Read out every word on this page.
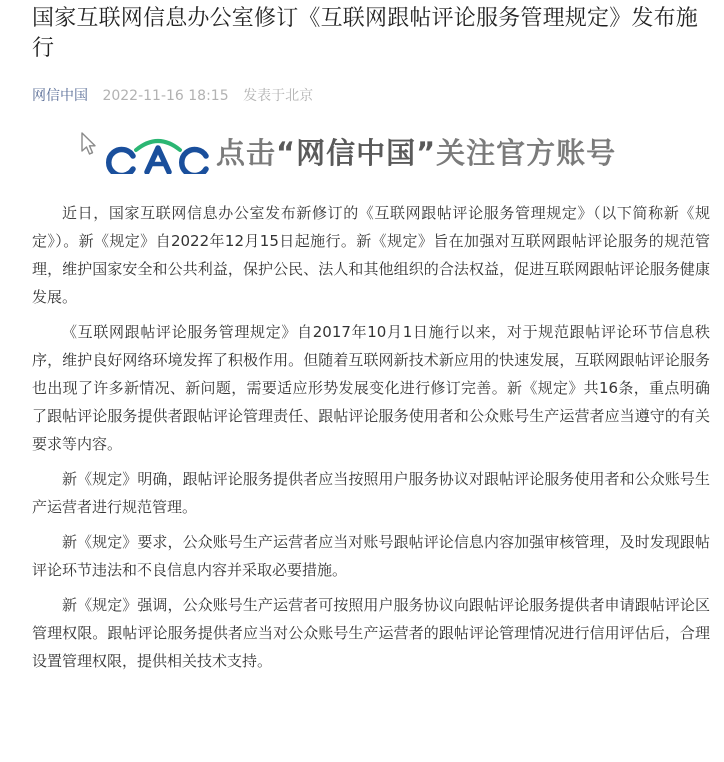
国家互联网信息办公室修订《互联网跟帖评论服务管理规定》发布施行
网信中国 2022-11-16 18:15 发表于北京
点击“网信中国”关注官方账号

近日，国家互联网信息办公室发布新修订的《互联网跟帖评论服务管理规定》（以下简称新《规定》）。新《规定》自2022年12月15日起施行。新《规定》旨在加强对互联网跟帖评论服务的规范管理，维护国家安全和公共利益，保护公民、法人和其他组织的合法权益，促进互联网跟帖评论服务健康发展。

《互联网跟帖评论服务管理规定》自2017年10月1日施行以来，对于规范跟帖评论环节信息秩序，维护良好网络环境发挥了积极作用。但随着互联网新技术新应用的快速发展，互联网跟帖评论服务也出现了许多新情况、新问题，需要适应形势发展变化进行修订完善。新《规定》共16条，重点明确了跟帖评论服务提供者跟帖评论管理责任、跟帖评论服务使用者和公众账号生产运营者应当遵守的有关要求等内容。

新《规定》明确，跟帖评论服务提供者应当按照用户服务协议对跟帖评论服务使用者和公众账号生产运营者进行规范管理。

新《规定》要求，公众账号生产运营者应当对账号跟帖评论信息内容加强审核管理，及时发现跟帖评论环节违法和不良信息内容并采取必要措施。

新《规定》强调，公众账号生产运营者可按照用户服务协议向跟帖评论服务提供者申请跟帖评论区管理权限。跟帖评论服务提供者应当对公众账号生产运营者的跟帖评论管理情况进行信用评估后，合理设置管理权限，提供相关技术支持。
